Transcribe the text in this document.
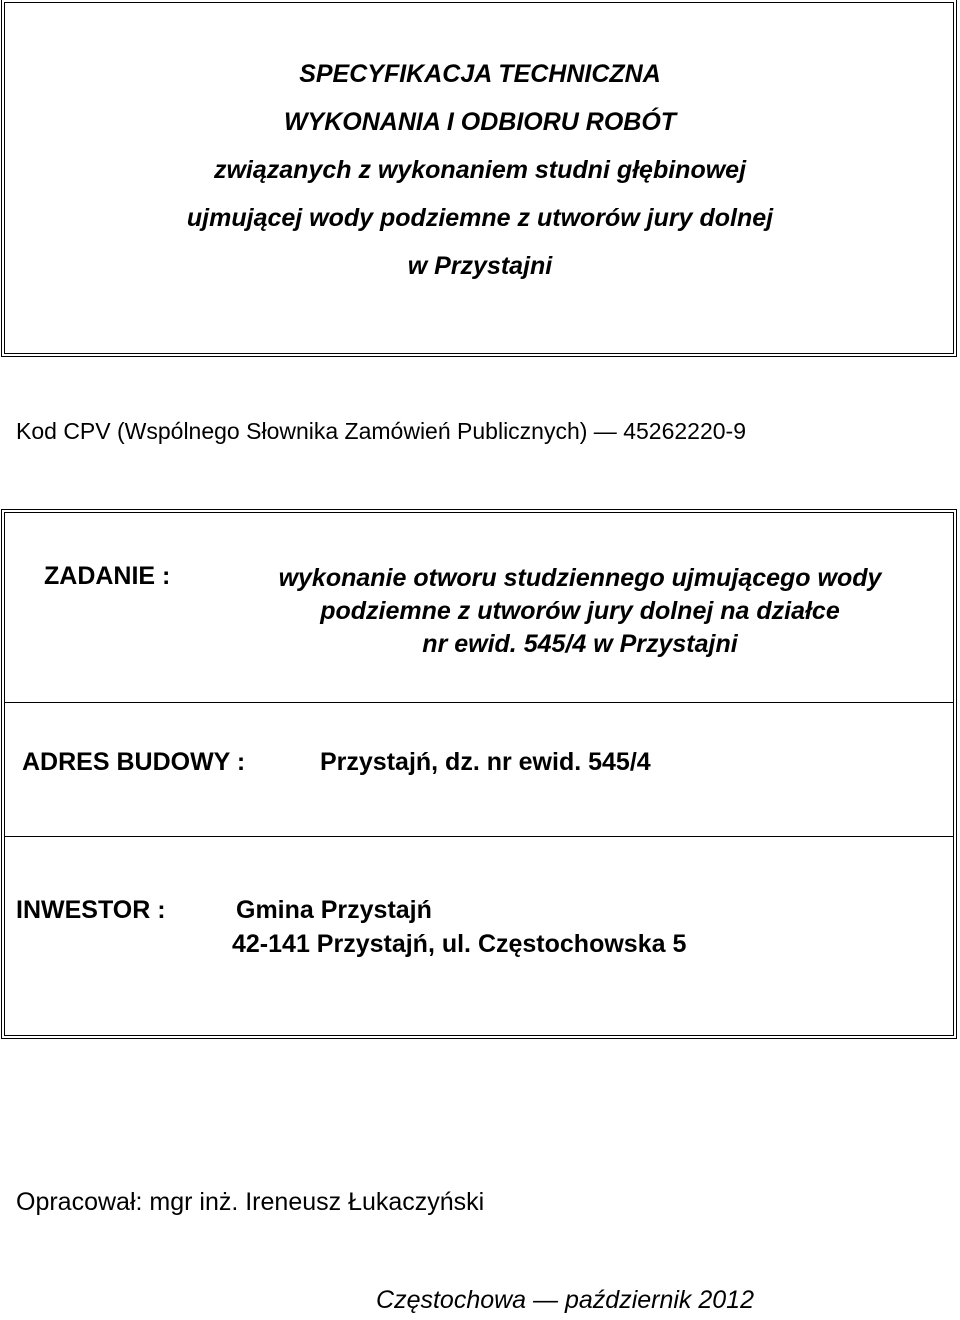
SPECYFIKACJA TECHNICZNA
WYKONANIA I ODBIORU ROBÓT
związanych z wykonaniem studni głębinowej
ujmującej wody podziemne z utworów jury dolnej
w Przystajni
Kod CPV (Wspólnego Słownika Zamówień Publicznych) — 45262220-9
ZADANIE :	wykonanie otworu studziennego ujmującego wody
podziemne z utworów jury dolnej na działce
nr ewid. 545/4 w Przystajni
ADRES BUDOWY :	Przystajń, dz. nr ewid. 545/4
INWESTOR :	Gmina Przystajń
42-141 Przystajń, ul. Częstochowska 5
Opracował: mgr inż. Ireneusz Łukaczyński
Częstochowa — październik 2012
